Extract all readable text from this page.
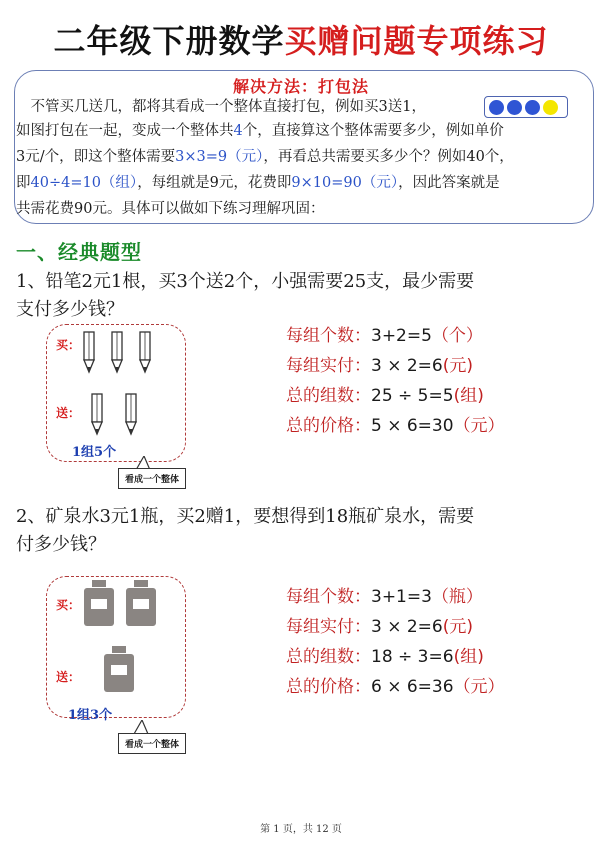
二年级下册数学买赠问题专项练习
解决方法：打包法
　不管买几送几，都将其看成一个整体直接打包，例如买3送1，
如图打包在一起，变成一个整体共4个，直接算这个整体需要多少，例如单价
3元/个，即这个整体需要3×3=9（元），再看总共需要买多少个？例如40个，
即40÷4=10（组），每组就是9元，花费即9×10=90（元），因此答案就是
共需花费90元。具体可以做如下练习理解巩固：
一、经典题型
1、铅笔2元1根，买3个送2个，小强需要25支，最少需要
支付多少钱？
买：
送：
1组5个
看成一个整体
每组个数：3+2=5（个）
每组实付：3 × 2=6(元)
总的组数：25 ÷ 5=5(组)
总的价格：5 × 6=30（元）
2、矿泉水3元1瓶，买2赠1，要想得到18瓶矿泉水，需要
付多少钱？
买：
送：
1组3个
看成一个整体
每组个数：3+1=3（瓶）
每组实付：3 × 2=6(元)
总的组数：18 ÷ 3=6(组)
总的价格：6 × 6=36（元）
第 1 页，共 12 页
